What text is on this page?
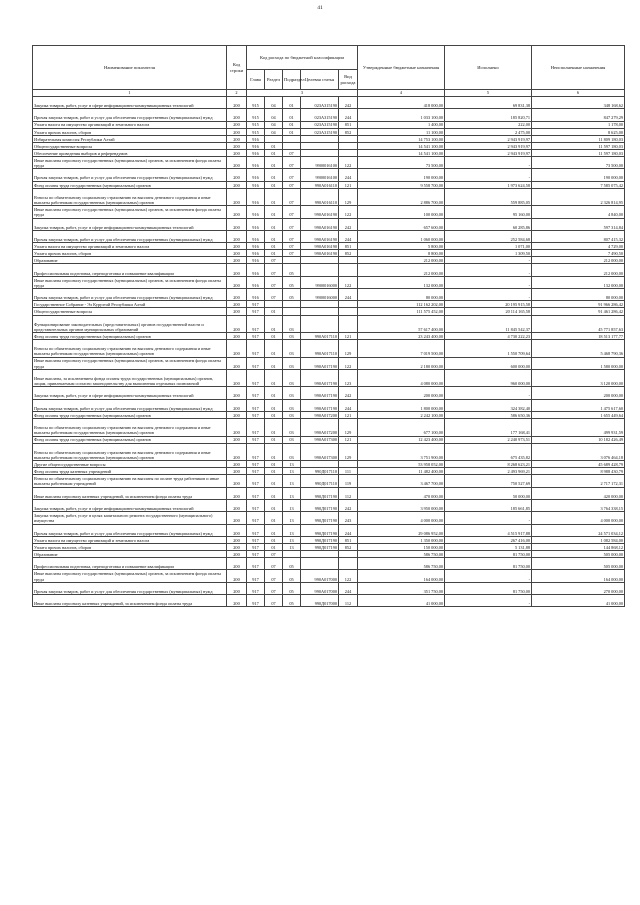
41
Наименование показателя	Код строки	Код расхода по бюджетной классификации					Утвержденные бюджетные назначения	Исполнено	Неисполненные назначения
		Глава	Раздел	Подраздел	Целевая статья	Вид расхода			
1	2	3					4	5	6
Закупка товаров, работ, услуг в сфере информационно-коммуникационных технологий	200	915	04	01	023А315190	242	418 000,00	69 831,38	348 168,62
Прочая закупка товаров, работ и услуг для обеспечения государственных (муниципальных) нужд	200	915	04	01	023А315190	244	1 033 100,00	185 820,71	847 279,29
Уплата налога на имущество организаций и земельного налога	200	915	04	01	023А315190	851	1 400,00	222,00	1 178,00
Уплата прочих налогов, сборов	200	915	04	01	023А315190	852	11 100,00	2 475,00	8 625,00
Избирательная комиссия Республики Алтай	200	916					14 753 100,00	2 943 919,97	11 809 180,03
Общегосударственные вопросы	200	916	01				14 541 100,00	2 943 919,97	11 597 180,03
Обеспечение проведения выборов и референдумов	200	916	01	07			14 541 100,00	2 943 919,97	11 597 180,03
Иные выплаты персоналу государственных (муниципальных) органов, за исключением фонда оплаты труда	200	916	01	07	9900016100	122	73 500,00	-	73 500,00
Прочая закупка товаров, работ и услуг для обеспечения государственных (муниципальных) нужд	200	916	01	07	9900016100	244	190 000,00	-	190 000,00
Фонд оплаты труда государственных (муниципальных) органов	200	916	01	07	990А016110	121	9 558 700,00	1 973 624,58	7 585 075,42
Взносы по обязательному социальному страхованию на выплаты денежного содержания и иные выплаты работникам государственных (муниципальных) органов	200	916	01	07	990А016110	129	2 886 700,00	559 885,05	2 326 814,95
Иные выплаты персоналу государственных (муниципальных) органов, за исключением фонда оплаты труда	200	916	01	07	990А016190	122	100 000,00	95 160,00	4 840,00
Закупка товаров, работ, услуг в сфере информационно-коммуникационных технологий	200	916	01	07	990А016190	242	657 600,00	60 285,86	597 314,84
Прочая закупка товаров, работ и услуг для обеспечения государственных (муниципальных) нужд	200	916	01	07	990А016190	244	1 060 000,00	252 584,68	807 415,32
Уплата налога на имущество организаций и земельного налога	200	916	01	07	990А016190	851	5 800,00	1 071,00	4 729,00
Уплата прочих налогов, сборов	200	916	01	07	990А016190	852	8 800,00	1 309,50	7 490,50
Образование	200	916	07				212 000,00	-	212 000,00
Профессиональная подготовка, переподготовка и повышение квалификации	200	916	07	05			212 000,00	-	212 000,00
Иные выплаты персоналу государственных (муниципальных) органов, за исключением фонда оплаты труда	200	916	07	05	9900016000	122	132 000,00	-	132 000,00
Прочая закупка товаров, работ и услуг для обеспечения государственных (муниципальных) нужд	200	916	07	05	9900016000	244	80 000,00	-	80 000,00
Государственное Собрание - Эл Курултай Республики Алтай	200	917					112 162 202,00	20 195 915,58	91 966 286,42
Общегосударственные вопросы	200	917	01				111 575 452,00	20 114 165,58	91 461 286,42
Функционирование законодательных (представительных) органов государственной власти и представительных органов муниципальных образований	200	917	01	03			57 617 400,00	11 845 542,37	45 771 857,63
Фонд оплаты труда государственных (муниципальных) органов	200	917	01	03	990А017110	121	23 243 400,00	4 730 222,23	18 513 177,77
Взносы по обязательному социальному страхованию на выплаты денежного содержания и иные выплаты работникам государственных (муниципальных) органов	200	917	01	03	990А017110	129	7 019 500,00	1 550 709,64	5 468 790,36
Иные выплаты персоналу государственных (муниципальных) органов, за исключением фонда оплаты труда	200	917	01	03	990А017190	122	2 180 000,00	600 000,00	1 580 000,00
Иные выплаты, за исключением фонда оплаты труда государственных (муниципальных) органов, лицам, привлекаемым согласно законодательству для выполнения отдельных полномочий	200	917	01	03	990А017190	123	4 080 000,00	960 000,00	3 120 000,00
Закупка товаров, работ, услуг в сфере информационно-коммуникационных технологий	200	917	01	03	990А017190	242	200 000,00	-	200 000,00
Прочая закупка товаров, работ и услуг для обеспечения государственных (муниципальных) нужд	200	917	01	03	990А017190	244	1 800 000,00	324 382,40	1 475 617,60
Фонд оплаты труда государственных (муниципальных) органов	200	917	01	03	990А017200	121	2 242 100,00	586 650,36	1 655 449,64
Взносы по обязательному социальному страхованию на выплаты денежного содержания и иные выплаты работникам государственных (муниципальных) органов	200	917	01	03	990А017200	129	677 100,00	177 168,41	499 931,59
Фонд оплаты труда государственных (муниципальных) органов	200	917	01	03	990А017300	121	12 423 400,00	2 240 973,51	10 182 426,49
Взносы по обязательному социальному страхованию на выплаты денежного содержания и иные выплаты работникам государственных (муниципальных) органов	200	917	01	03	990А017300	129	3 751 900,00	675 435,82	3 076 464,18
Другие общегосударственные вопросы	200	917	01	13			53 958 052,00	8 268 623,21	45 689 428,79
Фонд оплаты труда казенных учреждений	200	917	01	13	990Д017110	111	11 482 400,00	2 493 969,21	8 988 430,79
Взносы по обязательному социальному страхованию на выплаты по оплате труда работников и иные выплаты работникам учреждений	200	917	01	13	990Д017110	119	3 467 700,00	750 527,69	2 717 172,31
Иные выплаты персоналу казенных учреждений, за исключением фонда оплаты труда	200	917	01	13	990Д017190	112	470 000,00	50 000,00	420 000,00
Закупка товаров, работ, услуг в сфере информационно-коммуникационных технологий	200	917	01	13	990Д017190	242	3 950 000,00	185 661,85	3 764 338,15
Закупка товаров, работ, услуг в целях капитального ремонта государственного (муниципального) имущества	200	917	01	13	990Д017190	243	4 000 000,00	-	4 000 000,00
Прочая закупка товаров, работ и услуг для обеспечения государственных (муниципальных) нужд	200	917	01	13	990Д017190	244	29 086 952,00	4 515 917,88	24 571 034,12
Уплата налога на имущество организаций и земельного налога	200	917	01	13	990Д017190	851	1 350 000,00	267 416,00	1 082 584,00
Уплата прочих налогов, сборов	200	917	01	13	990Д017190	852	150 000,00	5 131,88	144 868,12
Образование	200	917	07				586 750,00	81 750,00	505 000,00
Профессиональная подготовка, переподготовка и повышение квалификации	200	917	07	05			586 750,00	81 750,00	505 000,00
Иные выплаты персоналу государственных (муниципальных) органов, за исключением фонда оплаты труда	200	917	07	05	990А017000	122	164 000,00	-	164 000,00
Прочая закупка товаров, работ и услуг для обеспечения государственных (муниципальных) нужд	200	917	07	05	990А017000	244	351 750,00	81 750,00	270 000,00
Иные выплаты персоналу казенных учреждений, за исключением фонда оплаты труда	200	917	07	05	990Д017000	112	41 000,00	-	41 000,00
